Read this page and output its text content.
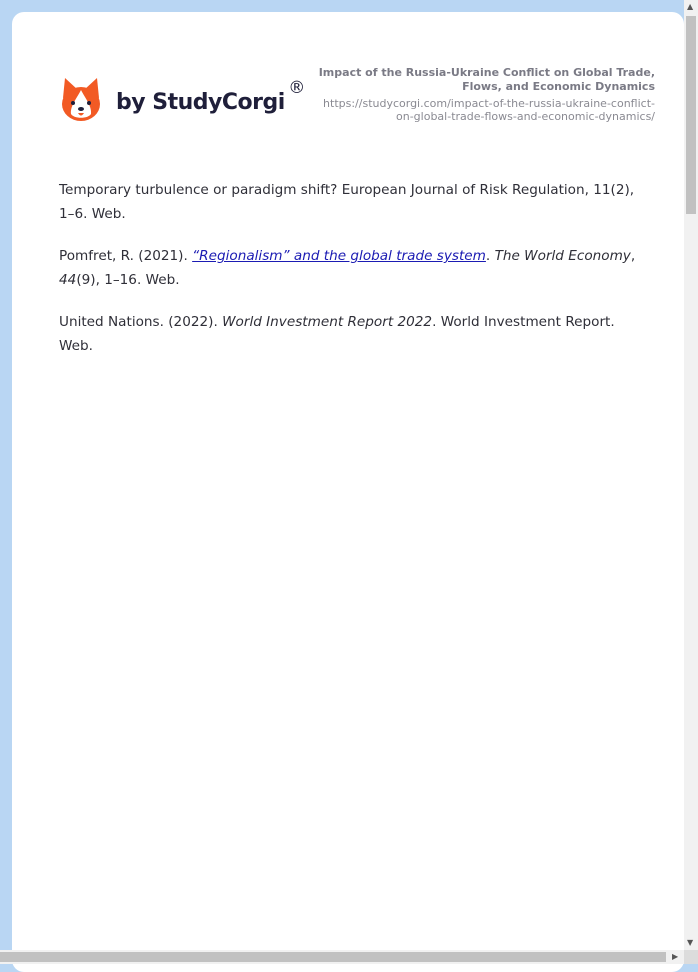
by StudyCorgi
®
Impact of the Russia-Ukraine Conflict on Global Trade, Flows, and Economic Dynamics
https://studycorgi.com/impact-of-the-russia-ukraine-conflict-on-global-trade-flows-and-economic-dynamics/

Temporary turbulence or paradigm shift? European Journal of Risk Regulation, 11(2), 1–6. Web.

Pomfret, R. (2021). “Regionalism” and the global trade system. The World Economy, 44(9), 1–16. Web.

United Nations. (2022). World Investment Report 2022. World Investment Report. Web.

▲
▼
▶
